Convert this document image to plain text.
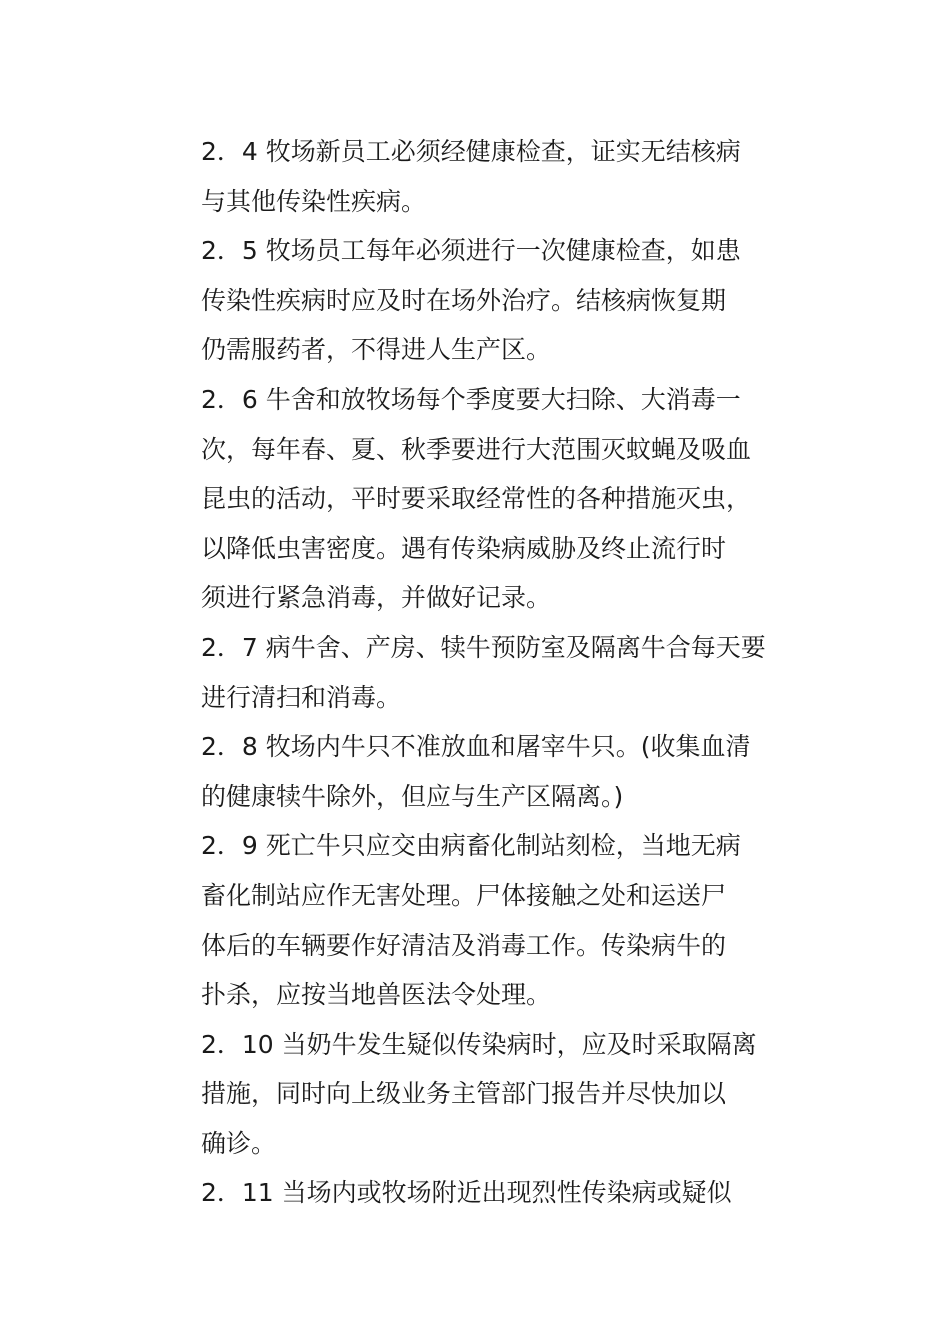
2．4 牧场新员工必须经健康检查，证实无结核病
与其他传染性疾病。
2．5 牧场员工每年必须进行一次健康检查，如患
传染性疾病时应及时在场外治疗。结核病恢复期
仍需服药者，不得进人生产区。
2．6 牛舍和放牧场每个季度要大扫除、大消毒一
次，每年春、夏、秋季要进行大范围灭蚊蝇及吸血
昆虫的活动，平时要采取经常性的各种措施灭虫，
以降低虫害密度。遇有传染病威胁及终止流行时
须进行紧急消毒，并做好记录。
2．7 病牛舍、产房、犊牛预防室及隔离牛合每天要
进行清扫和消毒。
2．8 牧场内牛只不准放血和屠宰牛只。(收集血清
的健康犊牛除外，但应与生产区隔离。)
2．9 死亡牛只应交由病畜化制站刻检，当地无病
畜化制站应作无害处理。尸体接触之处和运送尸
体后的车辆要作好清洁及消毒工作。传染病牛的
扑杀，应按当地兽医法令处理。
2．10 当奶牛发生疑似传染病时，应及时采取隔离
措施，同时向上级业务主管部门报告并尽快加以
确诊。
2．11 当场内或牧场附近出现烈性传染病或疑似
